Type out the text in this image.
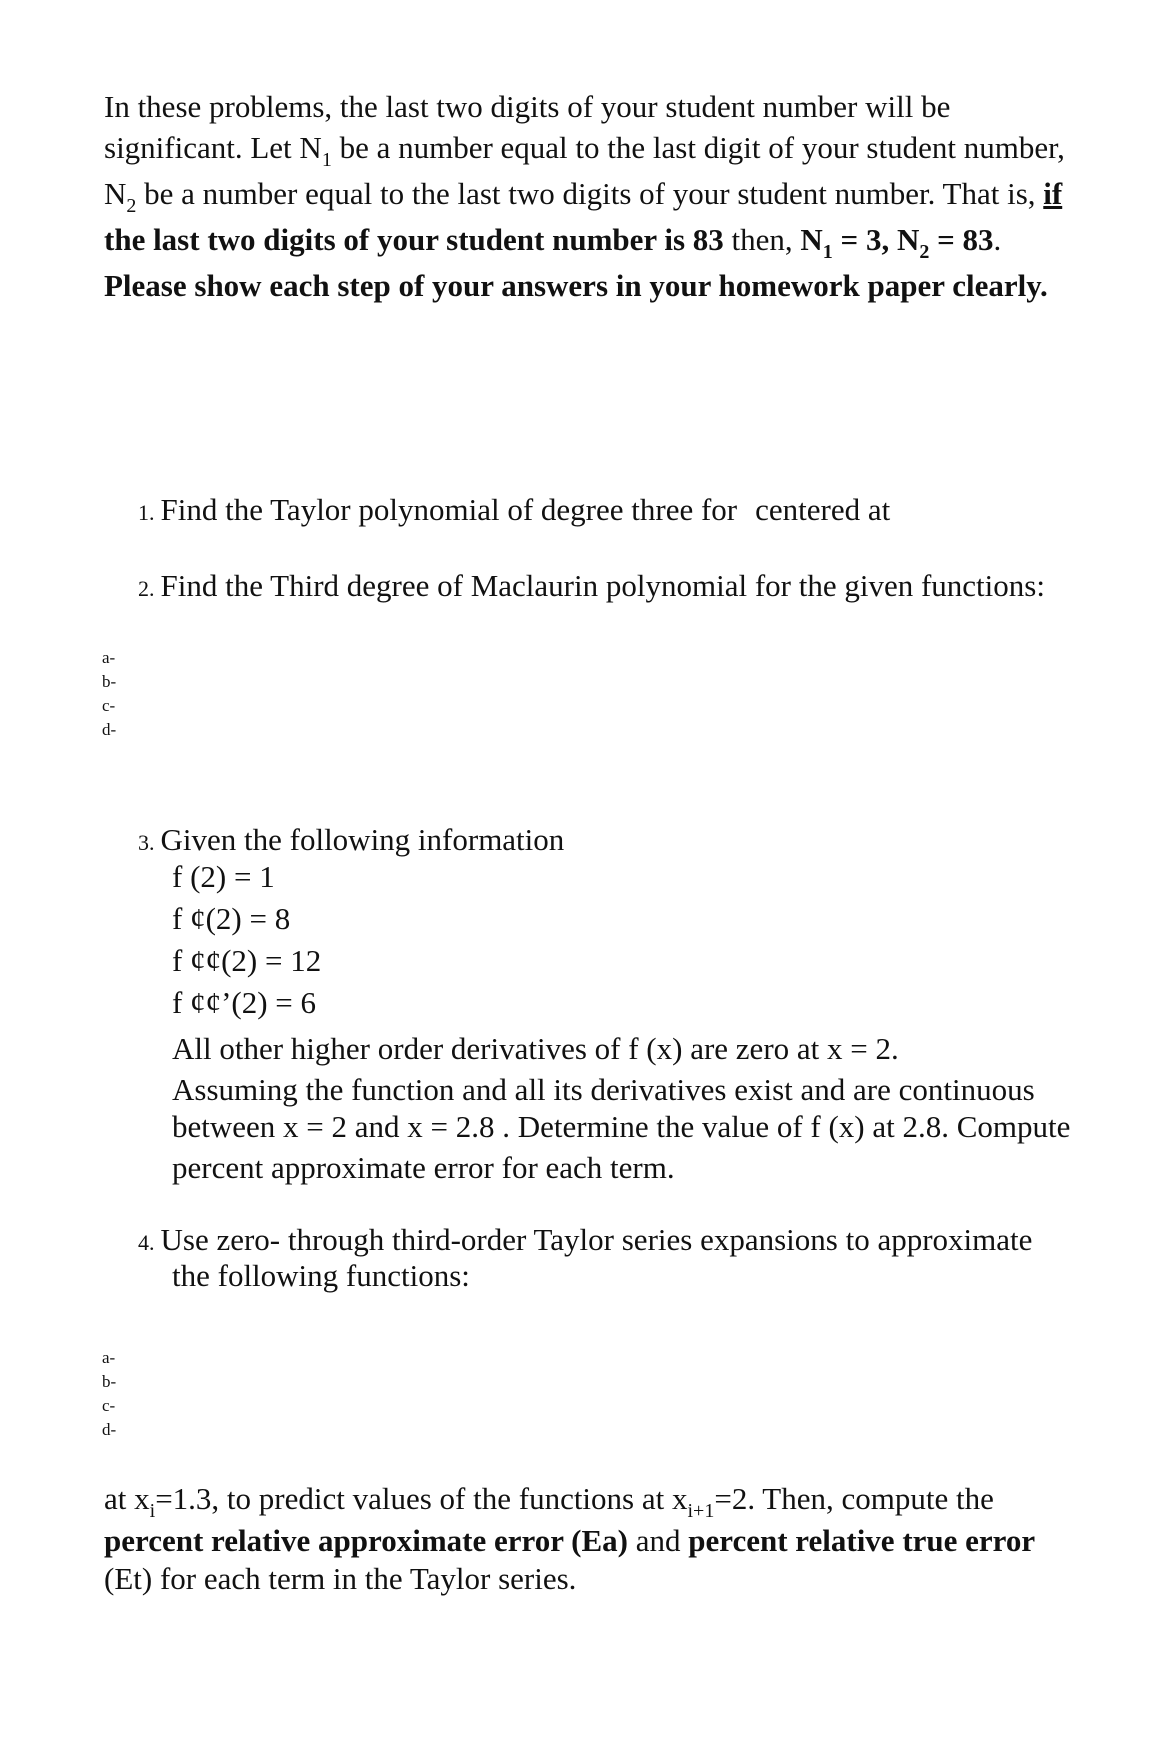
In these problems, the last two digits of your student number will be
significant. Let $N_1$ be a number equal to the last digit of your student number,
$N_2$ be a number equal to the last two digits of your student number. That is, if
the last two digits of your student number is 83 then, $N_1 = 3$, $N_2 = 83$.
Please show each step of your answers in your homework paper clearly.

1. Find the Taylor polynomial of degree three for centered at

2. Find the Third degree of Maclaurin polynomial for the given functions:

a-
b-
c-
d-

3. Given the following information

f (2) = 1
f ¢(2) = 8
f ¢¢(2) = 12
f ¢¢’(2) = 6

All other higher order derivatives of f (x) are zero at x = 2.
Assuming the function and all its derivatives exist and are continuous
between x = 2 and x = 2.8 . Determine the value of f (x) at 2.8. Compute
percent approximate error for each term.

4. Use zero- through third-order Taylor series expansions to approximate

the following functions:

a-
b-
c-
d-

at $x_i=1.3$, to predict values of the functions at $x_{i+1}=2$. Then, compute the
percent relative approximate error (Ea) and percent relative true error
(Et) for each term in the Taylor series.
